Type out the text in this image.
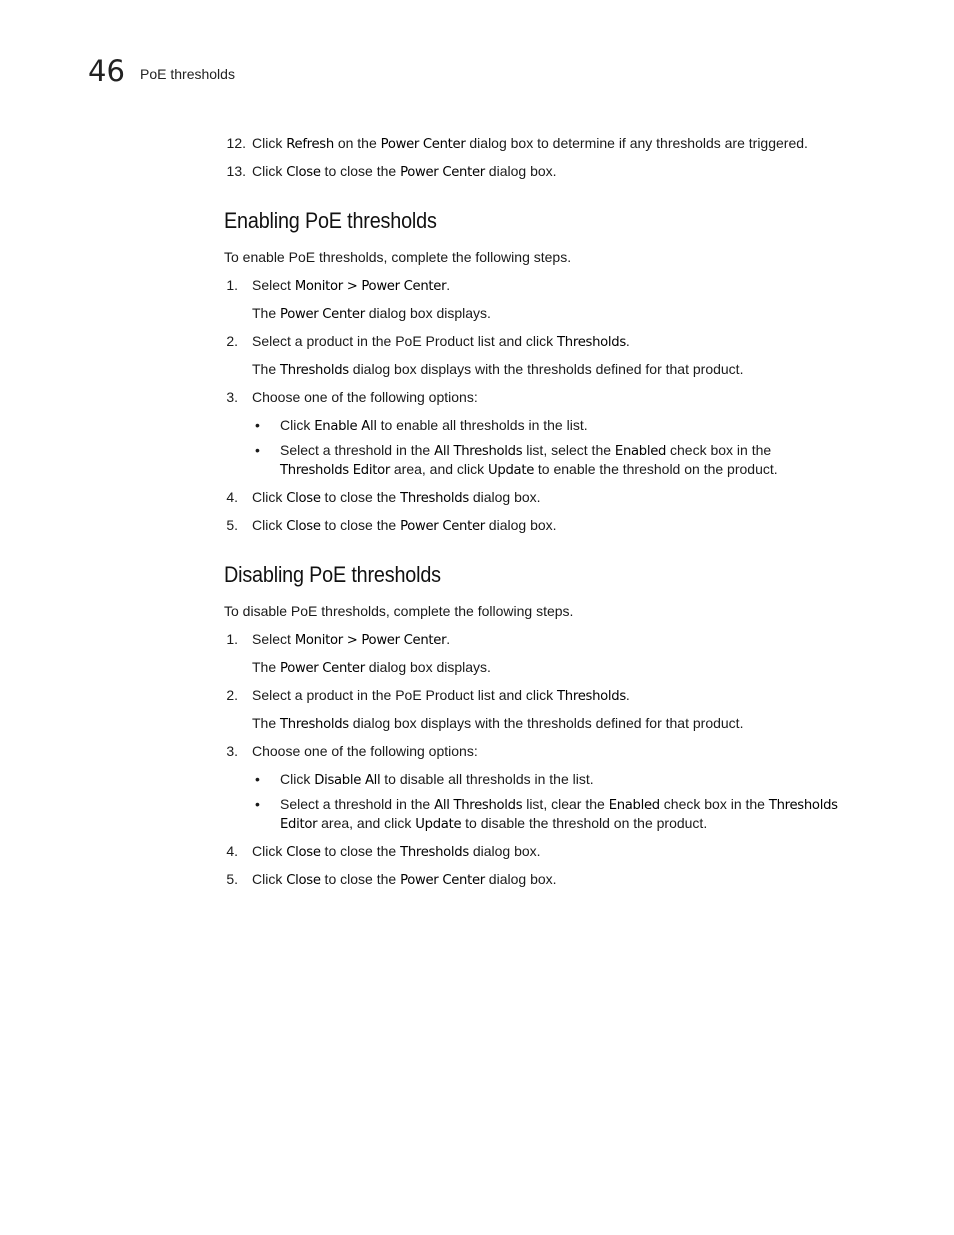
46 PoE thresholds
12. Click Refresh on the Power Center dialog box to determine if any thresholds are triggered.
13. Click Close to close the Power Center dialog box.
Enabling PoE thresholds
To enable PoE thresholds, complete the following steps.
1. Select Monitor > Power Center.
The Power Center dialog box displays.
2. Select a product in the PoE Product list and click Thresholds.
The Thresholds dialog box displays with the thresholds defined for that product.
3. Choose one of the following options:
• Click Enable All to enable all thresholds in the list.
• Select a threshold in the All Thresholds list, select the Enabled check box in the
Thresholds Editor area, and click Update to enable the threshold on the product.
4. Click Close to close the Thresholds dialog box.
5. Click Close to close the Power Center dialog box.
Disabling PoE thresholds
To disable PoE thresholds, complete the following steps.
1. Select Monitor > Power Center.
The Power Center dialog box displays.
2. Select a product in the PoE Product list and click Thresholds.
The Thresholds dialog box displays with the thresholds defined for that product.
3. Choose one of the following options:
• Click Disable All to disable all thresholds in the list.
• Select a threshold in the All Thresholds list, clear the Enabled check box in the Thresholds
Editor area, and click Update to disable the threshold on the product.
4. Click Close to close the Thresholds dialog box.
5. Click Close to close the Power Center dialog box.
